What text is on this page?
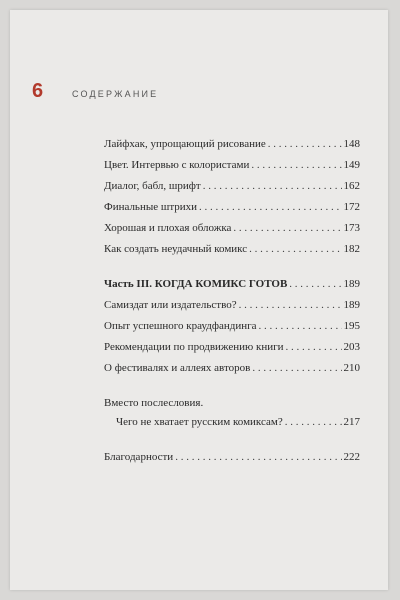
6	СОДЕРЖАНИЕ
Лайфхак, упрощающий рисование . . .	148
Цвет. Интервью с колористами . . .	149
Диалог, бабл, шрифт . . .	162
Финальные штрихи . . .	172
Хорошая и плохая обложка . . .	173
Как создать неудачный комикс . . .	182
Часть III. КОГДА КОМИКС ГОТОВ . . .	189
Самиздат или издательство? . . .	189
Опыт успешного краудфандинга . . .	195
Рекомендации по продвижению книги . . .	203
О фестивалях и аллеях авторов . . .	210
Вместо послесловия.
Чего не хватает русским комиксам? . . .	217
Благодарности . . .	222
